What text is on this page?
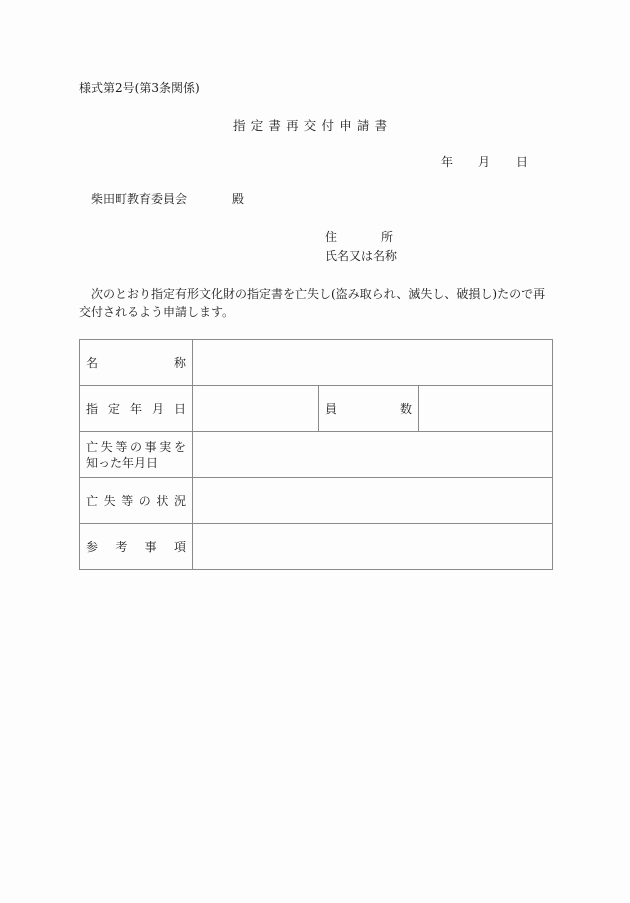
様式第2号(第3条関係)
指定書再交付申請書
年 月 日
柴田町教育委員会	殿
住	所
氏名又は名称
次のとおり指定有形文化財の指定書を亡失し(盗み取られ、滅失し、破損し)たので再交付されるよう申請します。
名 称			

指 定 年 月 日		員 数	

亡 失 等 の 事 実 を
知った年月日

亡 失 等 の 状 況

参 考 事 項			
